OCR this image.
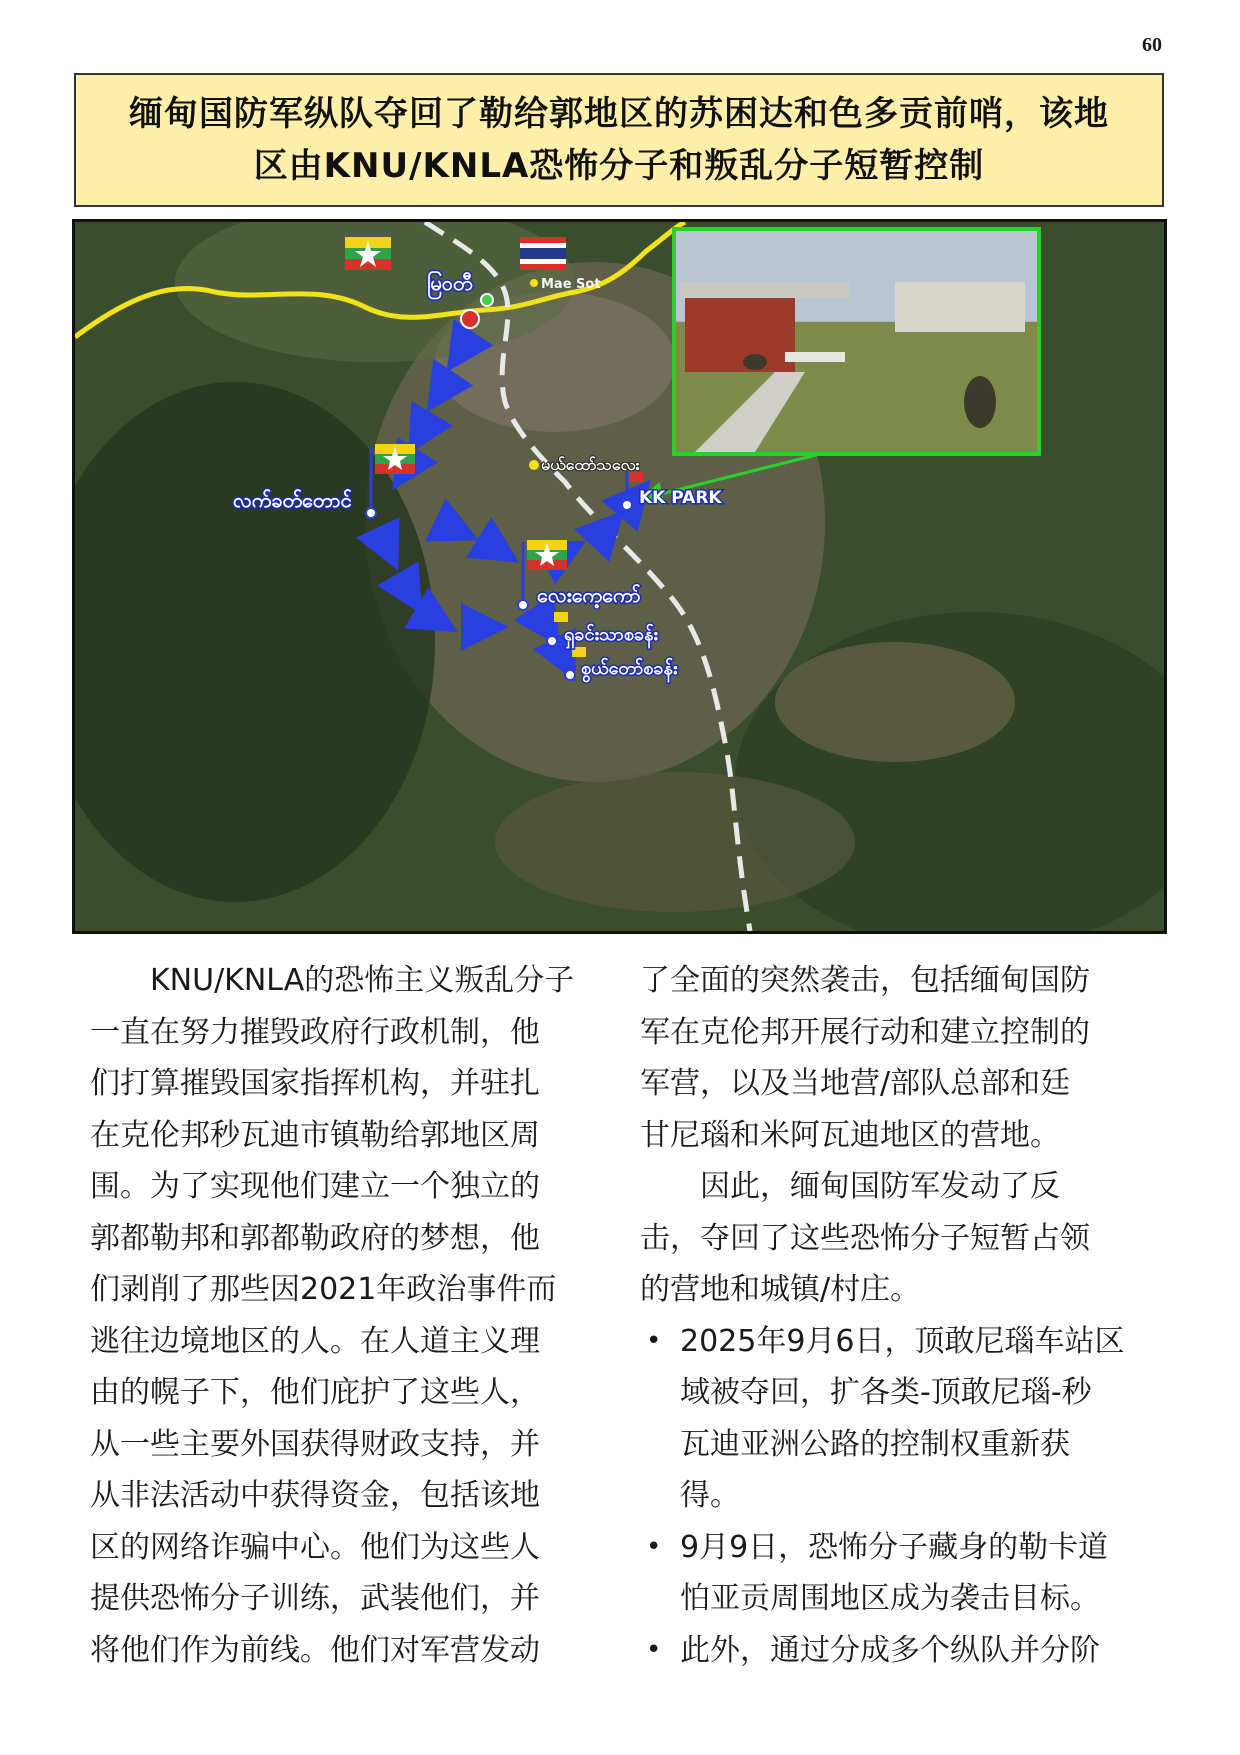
60
缅甸国防军纵队夺回了勒给郭地区的苏困达和色多贡前哨，该地
区由KNU/KNLA恐怖分子和叛乱分子短暂控制
မြဝတီ	Mae Sot
မယ်ထော်သလေး
KK PARK
လက်ခတ်တောင်
လေးကေ့ကော်
ရှခင်းသာစခန်း
စွယ်တော်စခန်း
　　KNU/KNLA的恐怖主义叛乱分子
一直在努力摧毁政府行政机制，他
们打算摧毁国家指挥机构，并驻扎
在克伦邦秒瓦迪市镇勒给郭地区周
围。为了实现他们建立一个独立的
郭都勒邦和郭都勒政府的梦想，他
们剥削了那些因2021年政治事件而
逃往边境地区的人。在人道主义理
由的幌子下，他们庇护了这些人，
从一些主要外国获得财政支持，并
从非法活动中获得资金，包括该地
区的网络诈骗中心。他们为这些人
提供恐怖分子训练，武装他们，并
将他们作为前线。他们对军营发动
了全面的突然袭击，包括缅甸国防
军在克伦邦开展行动和建立控制的
军营，以及当地营/部队总部和廷
甘尼瑙和米阿瓦迪地区的营地。
　　因此，缅甸国防军发动了反
击，夺回了这些恐怖分子短暂占领
的营地和城镇/村庄。
• 2025年9月6日，顶敢尼瑙车站区
域被夺回，扩各类-顶敢尼瑙-秒
瓦迪亚洲公路的控制权重新获
得。
• 9月9日，恐怖分子藏身的勒卡道
怕亚贡周围地区成为袭击目标。
• 此外，通过分成多个纵队并分阶
